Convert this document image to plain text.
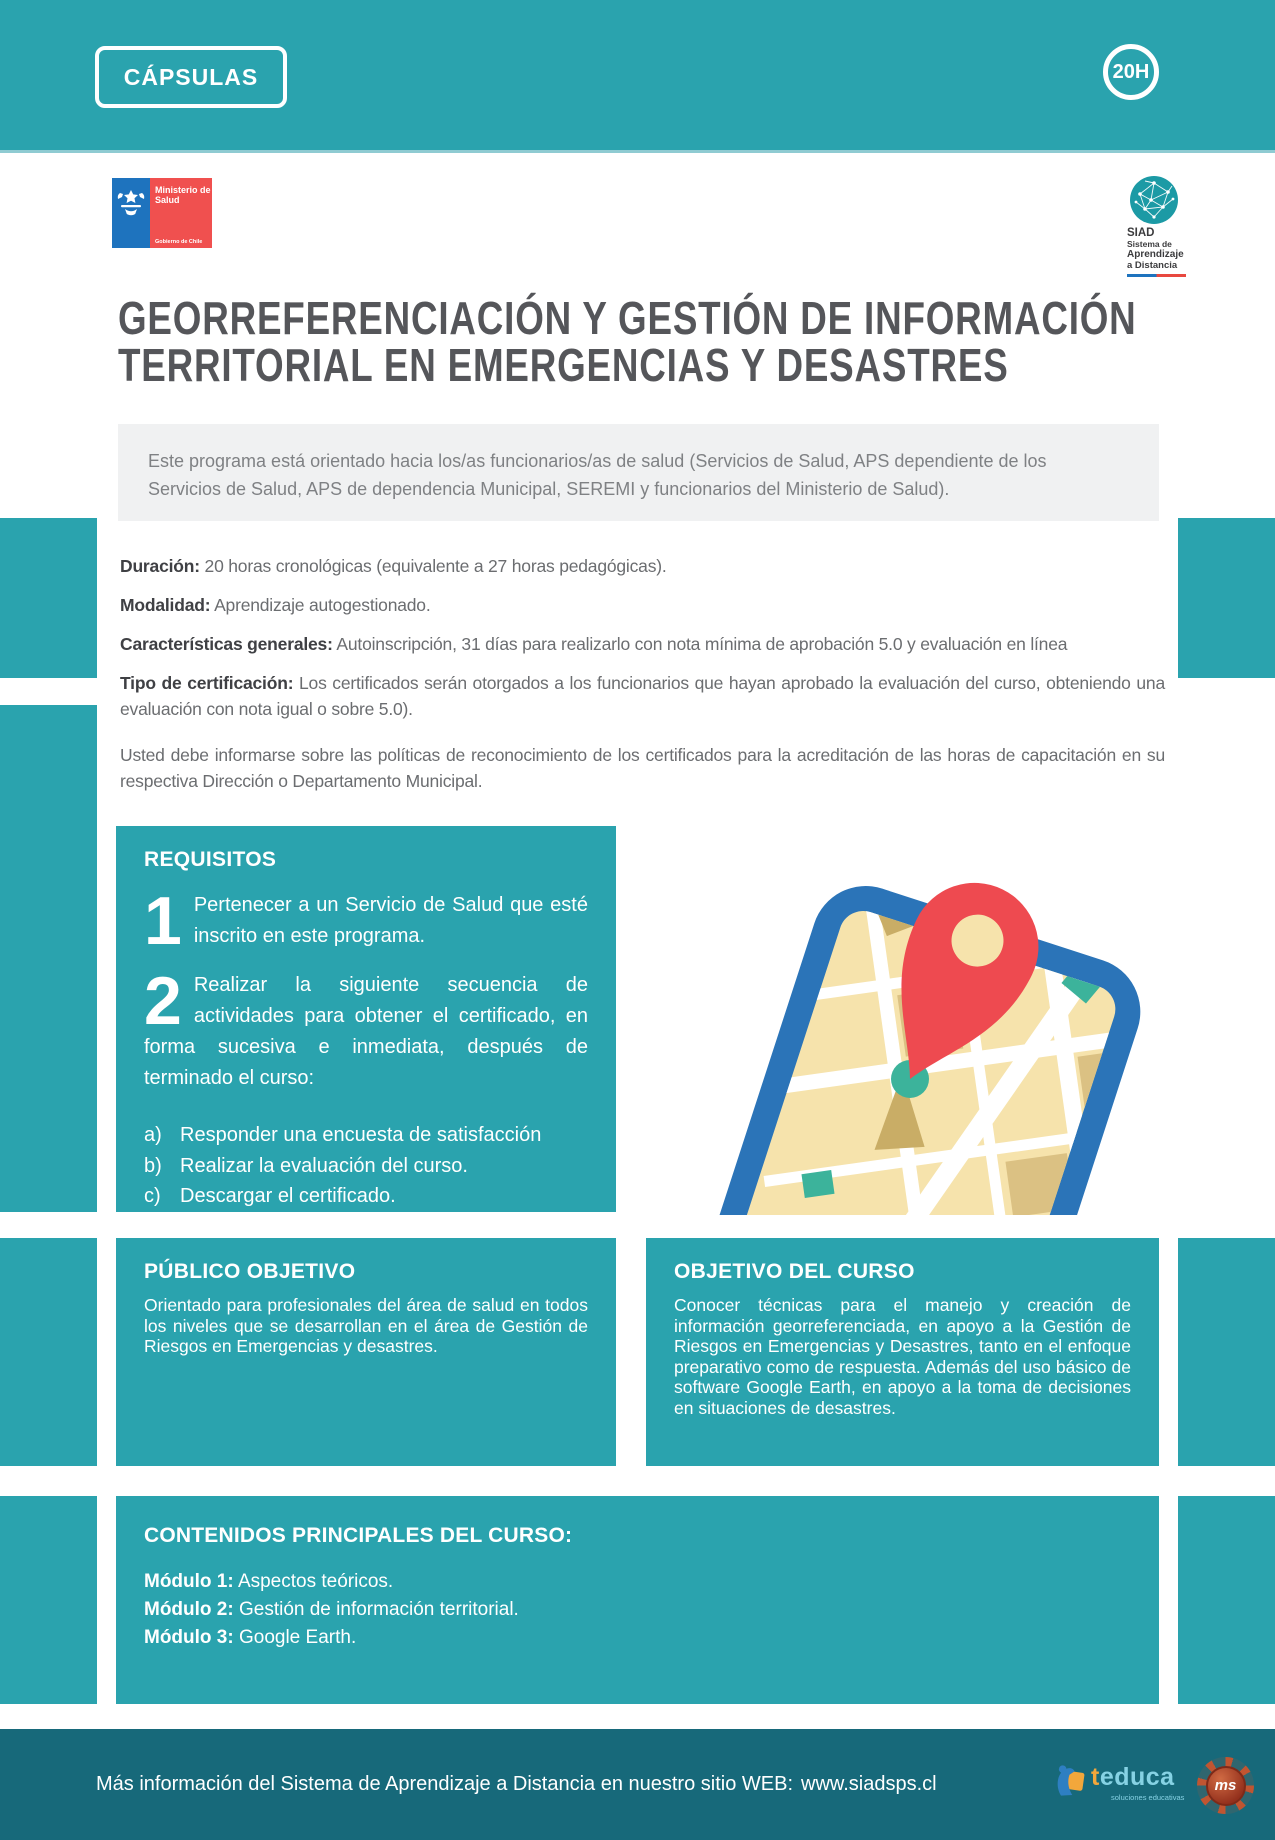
CÁPSULAS	20H
Ministerio de
Salud
Gobierno de Chile
SIAD
Sistema de
Aprendizaje
a Distancia
GEORREFERENCIACIÓN Y GESTIÓN DE INFORMACIÓN
TERRITORIAL EN EMERGENCIAS Y DESASTRES

Este programa está orientado hacia los/as funcionarios/as de salud (Servicios de Salud, APS dependiente de los Servicios de Salud, APS de dependencia Municipal, SEREMI y funcionarios del Ministerio de Salud).

Duración: 20 horas cronológicas (equivalente a 27 horas pedagógicas).

Modalidad: Aprendizaje autogestionado.

Características generales: Autoinscripción, 31 días para realizarlo con nota mínima de aprobación 5.0 y evaluación en línea

Tipo de certificación: Los certificados serán otorgados a los funcionarios que hayan aprobado la evaluación del curso, obteniendo una evaluación con nota igual o sobre 5.0).

Usted debe informarse sobre las políticas de reconocimiento de los certificados para la acreditación de las horas de capacitación en su respectiva Dirección o Departamento Municipal.

REQUISITOS
1 Pertenecer a un Servicio de Salud que esté inscrito en este programa.
2 Realizar la siguiente secuencia de actividades para obtener el certificado, en forma sucesiva e inmediata, después de terminado el curso:
a) Responder una encuesta de satisfacción
b) Realizar la evaluación del curso.
c) Descargar el certificado.
PÚBLICO OBJETIVO
Orientado para profesionales del área de salud en todos los niveles que se desarrollan en el área de Gestión de Riesgos en Emergencias y desastres.
OBJETIVO DEL CURSO
Conocer técnicas para el manejo y creación de información georreferenciada, en apoyo a la Gestión de Riesgos en Emergencias y Desastres, tanto en el enfoque preparativo como de respuesta. Además del uso básico de software Google Earth, en apoyo a la toma de decisiones en situaciones de desastres.
CONTENIDOS PRINCIPALES DEL CURSO:
Módulo 1: Aspectos teóricos.
Módulo 2: Gestión de información territorial.
Módulo 3: Google Earth.
Más información del Sistema de Aprendizaje a Distancia en nuestro sitio WEB: www.siadsps.cl	teduca
soluciones educativas
ms
